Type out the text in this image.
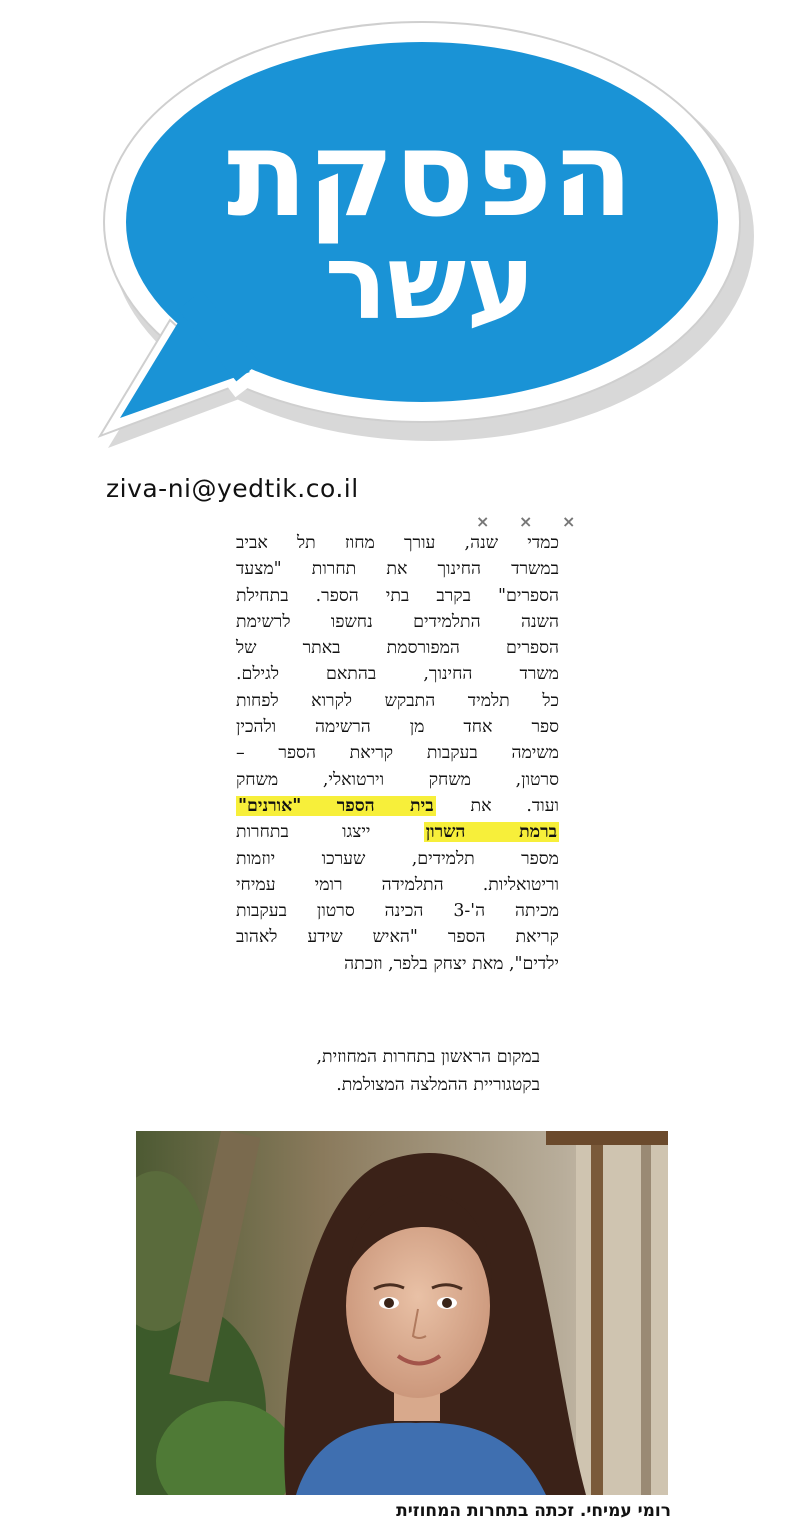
הפסקת
עשר
ziva-ni@yedtik.co.il
× × ×
כמדי שנה, עורך מחוז תל אביב
במשרד החינוך את תחרות "מצעד
הספרים" בקרב בתי הספר. בתחילת
השנה התלמידים נחשפו לרשימת
הספרים המפורסמת באתר של
משרד החינוך, בהתאם לגילם.
כל תלמיד התבקש לקרוא לפחות
ספר אחד מן הרשימה ולהכין
משימה בעקבות קריאת הספר –
סרטון, משחק וירטואלי, משחק
ועוד. את בית הספר "אורנים"
ברמת השרון ייצגו בתחרות
מספר תלמידים, שערכו יוזמות
וריטואליות. התלמידה רומי עמיחי
מכיתה ה'-3 הכינה סרטון בעקבות
קריאת הספר "האיש שידע לאהוב
ילדים", מאת יצחק בלפר, וזכתה
במקום הראשון בתחרות המחוזית,
בקטגוריית ההמלצה המצולמת.
רומי עמיחי. זכתה בתחרות המחוזית
